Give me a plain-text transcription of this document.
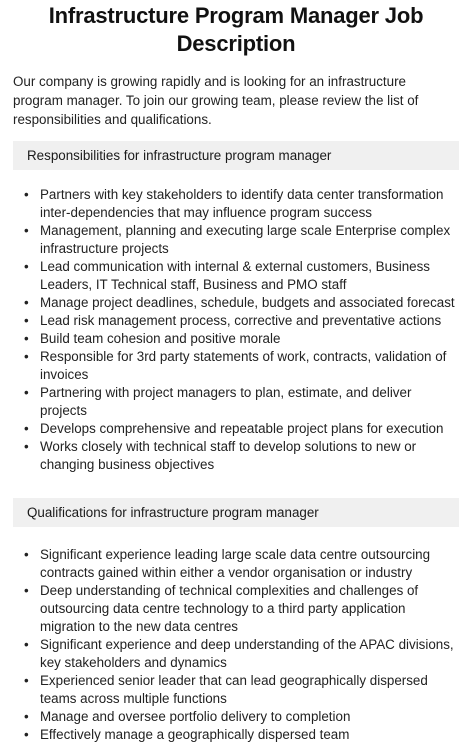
Infrastructure Program Manager Job Description

Our company is growing rapidly and is looking for an infrastructure program manager. To join our growing team, please review the list of responsibilities and qualifications.

Responsibilities for infrastructure program manager
• Partners with key stakeholders to identify data center transformation inter-dependencies that may influence program success
• Management, planning and executing large scale Enterprise complex infrastructure projects
• Lead communication with internal & external customers, Business Leaders, IT Technical staff, Business and PMO staff
• Manage project deadlines, schedule, budgets and associated forecast
• Lead risk management process, corrective and preventative actions
• Build team cohesion and positive morale
• Responsible for 3rd party statements of work, contracts, validation of invoices
• Partnering with project managers to plan, estimate, and deliver projects
• Develops comprehensive and repeatable project plans for execution
• Works closely with technical staff to develop solutions to new or changing business objectives
Qualifications for infrastructure program manager
• Significant experience leading large scale data centre outsourcing contracts gained within either a vendor organisation or industry
• Deep understanding of technical complexities and challenges of outsourcing data centre technology to a third party application migration to the new data centres
• Significant experience and deep understanding of the APAC divisions, key stakeholders and dynamics
• Experienced senior leader that can lead geographically dispersed teams across multiple functions
• Manage and oversee portfolio delivery to completion
• Effectively manage a geographically dispersed team
